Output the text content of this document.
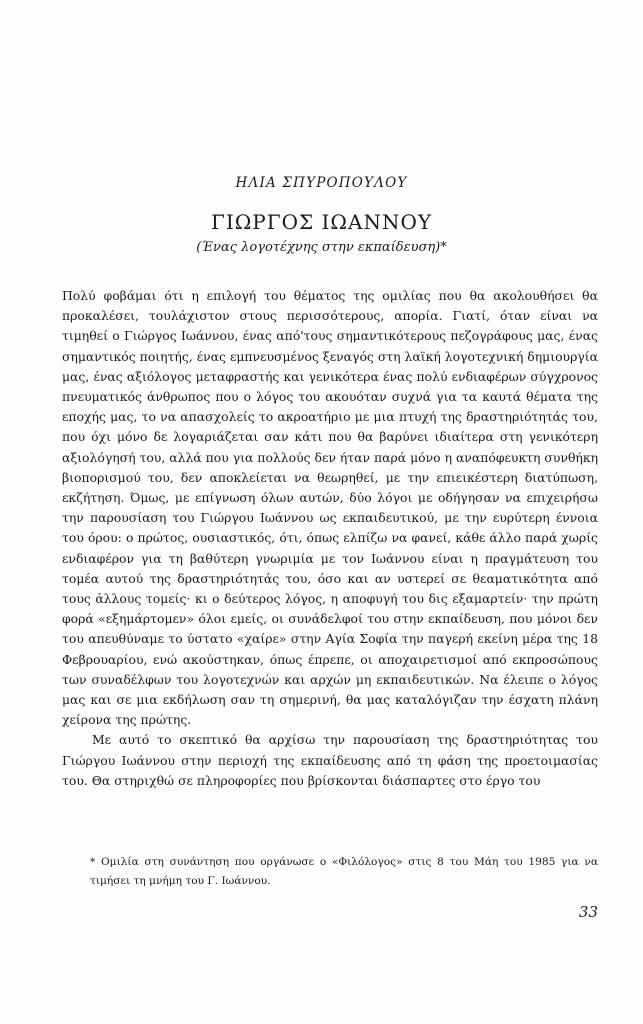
ΗΛΙΑ ΣΠΥΡΟΠΟΥΛΟΥ
ΓΙΩΡΓΟΣ ΙΩΑΝΝΟΥ
(Ένας λογοτέχνης στην εκπαίδευση)*

Πολύ φοβάμαι ότι η επιλογή του θέματος της ομιλίας που θα ακολουθήσει θα προκαλέσει, τουλάχιστον στους περισσότερους, απορία. Γιατί, όταν είναι να τιμηθεί ο Γιώργος Ιωάννου, ένας από'τους σημαντικότερους πεζογράφους μας, ένας σημαντικός ποιητής, ένας εμπνευσμένος ξεναγός στη λαϊκή λογοτεχνική δημιουργία μας, ένας αξιόλογος μεταφραστής και γενικότερα ένας πολύ ενδιαφέρων σύγχρονος πνευματικός άνθρωπος που ο λόγος του ακουόταν συχνά για τα καυτά θέματα της εποχής μας, το να απασχολείς το ακροατήριο με μια πτυχή της δραστηριότητάς του, που όχι μόνο δε λογαριάζεται σαν κάτι που θα βαρύνει ιδιαίτερα στη γενικότερη αξιολόγησή του, αλλά που για πολλούς δεν ήταν παρά μόνο η αναπόφευκτη συνθήκη βιοπορισμού του, δεν αποκλείεται να θεωρηθεί, με την επιεικέστερη διατύπωση, εκζήτηση. Όμως, με επίγνωση όλων αυτών, δύο λόγοι με οδήγησαν να επιχειρήσω την παρουσίαση του Γιώργου Ιωάννου ως εκπαιδευτικού, με την ευρύτερη έννοια του όρου: ο πρώτος, ουσιαστικός, ότι, όπως ελπίζω να φανεί, κάθε άλλο παρά χωρίς ενδιαφέρον για τη βαθύτερη γνωριμία με τον Ιωάννου είναι η πραγμάτευση του τομέα αυτού της δραστηριότητάς του, όσο και αν υστερεί σε θεαματικότητα από τους άλλους τομείς· κι ο δεύτερος λόγος, η αποφυγή του δις εξαμαρτείν· την πρώτη φορά «εξημάρτομεν» όλοι εμείς, οι συνάδελφοί του στην εκπαίδευση, που μόνοι δεν του απευθύναμε το ύστατο «χαίρε» στην Αγία Σοφία την παγερή εκείνη μέρα της 18 Φεβρουαρίου, ενώ ακούστηκαν, όπως έπρεπε, οι αποχαιρετισμοί από εκπροσώπους των συναδέλφων του λογοτεχνών και αρχών μη εκπαιδευτικών. Να έλειπε ο λόγος μας και σε μια εκδήλωση σαν τη σημερινή, θα μας καταλόγιζαν την έσχατη πλάνη χείρονα της πρώτης.

Με αυτό το σκεπτικό θα αρχίσω την παρουσίαση της δραστηριότητας του Γιώργου Ιωάννου στην περιοχή της εκπαίδευσης από τη φάση της προετοιμασίας του. Θα στηριχθώ σε πληροφορίες που βρίσκονται διάσπαρτες στο έργο του

* Ομιλία στη συνάντηση που οργάνωσε ο «Φιλόλογος» στις 8 του Μάη του 1985 για να τιμήσει τη μνήμη του Γ. Ιωάννου.
33
